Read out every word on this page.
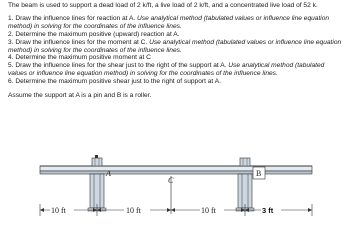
The beam is used to support a dead load of 2 k/ft, a live load of 2 k/ft, and a concentrated live load of 52 k.

1. Draw the influence lines for reaction at A. Use analytical method (tabulated values or influence line equation method) in solving for the coordinates of the influence lines.

2. Determine the maximum positive (upward) reaction at A.

3. Draw the influence lines for the moment at C. Use analytical method (tabulated values or influence line equation method) in solving for the coordinates of the influence lines.

4. Determine the maximum positive moment at C

5. Draw the influence lines for the shear just to the right of the support at A. Use analytical method (tabulated values or influence line equation method) in solving for the coordinates of the influence lines.

6. Determine the maximum positive shear just to the right of support at A.

Assume the support at A is a pin and B is a roller.

A	B
C
10 ft	10 ft	10 ft	3 ft
